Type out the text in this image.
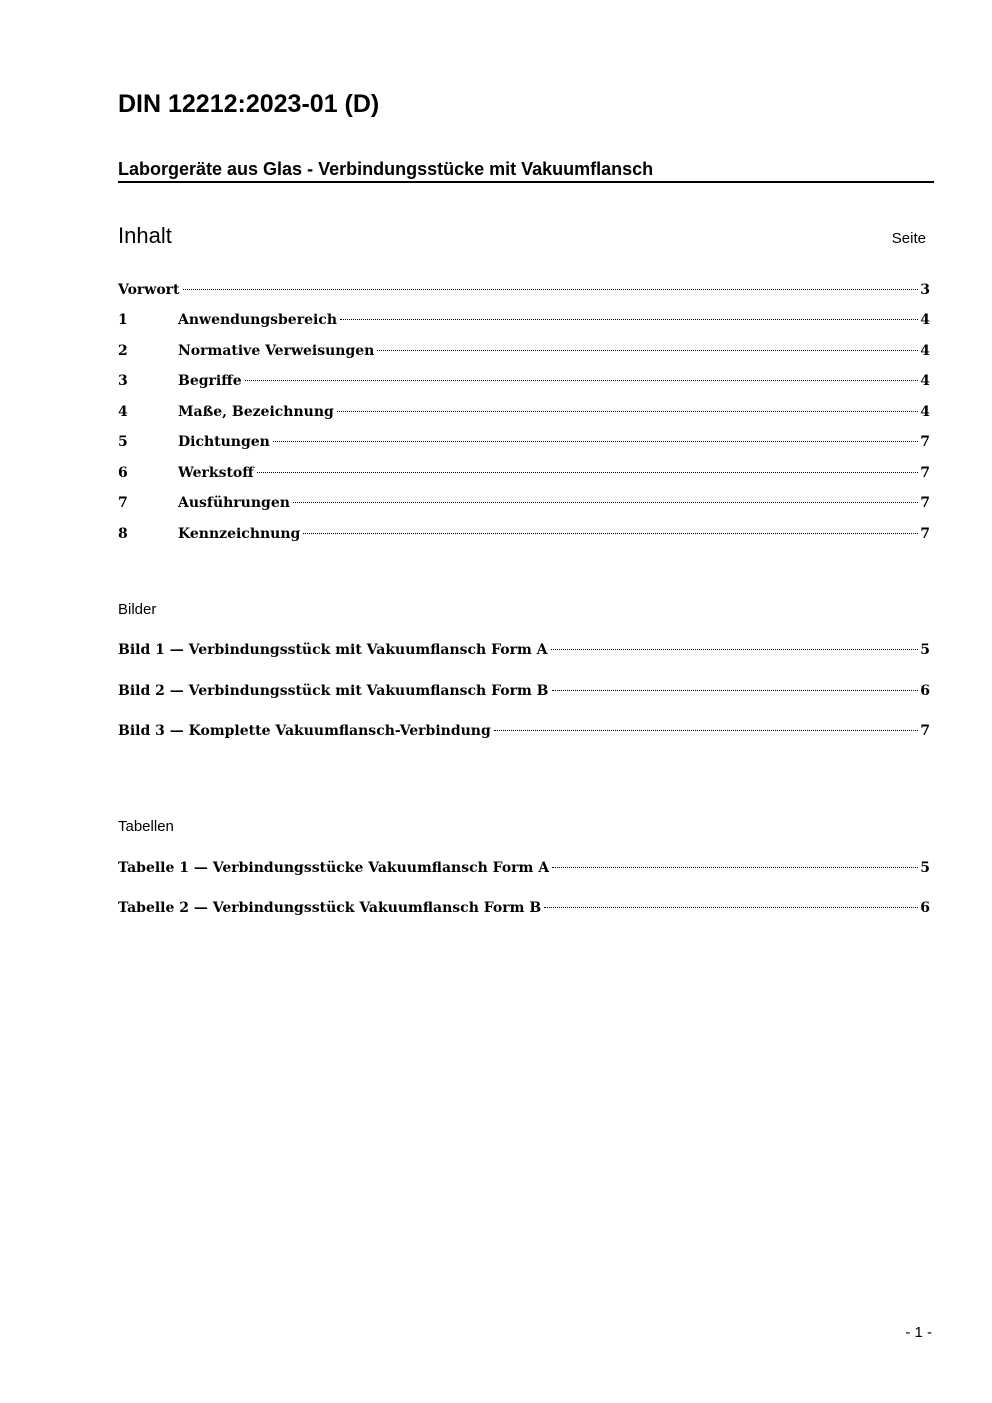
DIN 12212:2023-01 (D)
Laborgeräte aus Glas - Verbindungsstücke mit Vakuumflansch
Inhalt	Seite
Vorwort	3
1	Anwendungsbereich	4
2	Normative Verweisungen	4
3	Begriffe	4
4	Maße, Bezeichnung	4
5	Dichtungen	7
6	Werkstoff	7
7	Ausführungen	7
8	Kennzeichnung	7
Bilder
Bild 1 — Verbindungsstück mit Vakuumflansch Form A	5
Bild 2 — Verbindungsstück mit Vakuumflansch Form B	6
Bild 3 — Komplette Vakuumflansch-Verbindung	7
Tabellen
Tabelle 1 — Verbindungsstücke Vakuumflansch Form A	5
Tabelle 2 — Verbindungsstück Vakuumflansch Form B	6
- 1 -
